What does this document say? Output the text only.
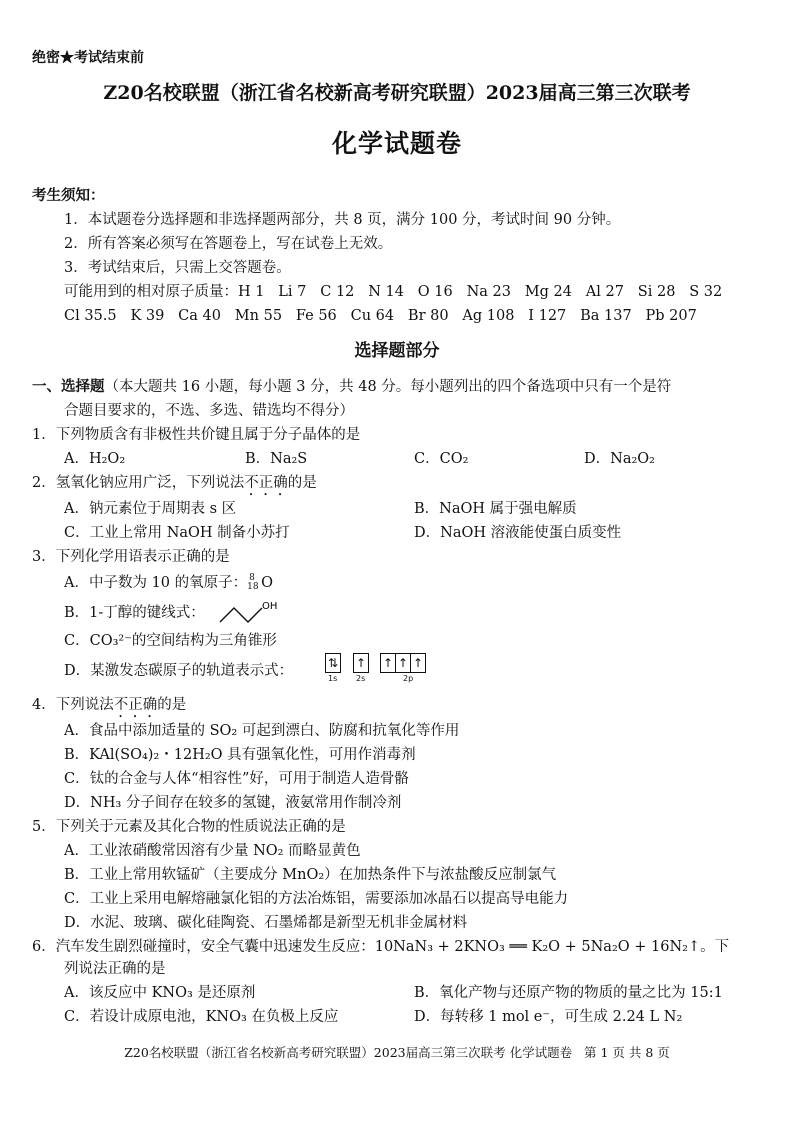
绝密★考试结束前
Z20名校联盟（浙江省名校新高考研究联盟）2023届高三第三次联考
化学试题卷
考生须知：
1．本试题卷分选择题和非选择题两部分，共 8 页，满分 100 分，考试时间 90 分钟。
2．所有答案必须写在答题卷上，写在试卷上无效。
3．考试结束后，只需上交答题卷。
可能用到的相对原子质量：H 1   Li 7   C 12   N 14   O 16   Na 23   Mg 24   Al 27   Si 28   S 32
Cl 35.5   K 39   Ca 40   Mn 55   Fe 56   Cu 64   Br 80   Ag 108   I 127   Ba 137   Pb 207
选择题部分
一、选择题（本大题共 16 小题，每小题 3 分，共 48 分。每小题列出的四个备选项中只有一个是符
合题目要求的，不选、多选、错选均不得分）
1．下列物质含有非极性共价键且属于分子晶体的是
A．H₂O₂	B．Na₂S	C．CO₂	D．Na₂O₂
2．氢氧化钠应用广泛，下列说法不正确的是
A．钠元素位于周期表 s 区	B．NaOH 属于强电解质
C．工业上常用 NaOH 制备小苏打	D．NaOH 溶液能使蛋白质变性
3．下列化学用语表示正确的是
A．中子数为 10 的氧原子： 8
18 O
B．1-丁醇的键线式：	OH
C．CO₃²⁻的空间结构为三角锥形
D．某激发态碳原子的轨道表示式：	⇅
1s
↑
2s
↑ ↑ ↑
2p
4．下列说法不正确的是
A．食品中添加适量的 SO₂ 可起到漂白、防腐和抗氧化等作用
B．KAl(SO₄)₂・12H₂O 具有强氧化性，可用作消毒剂
C．钛的合金与人体“相容性”好，可用于制造人造骨骼
D．NH₃ 分子间存在较多的氢键，液氨常用作制冷剂
5．下列关于元素及其化合物的性质说法正确的是
A．工业浓硝酸常因溶有少量 NO₂ 而略显黄色
B．工业上常用软锰矿（主要成分 MnO₂）在加热条件下与浓盐酸反应制氯气
C．工业上采用电解熔融氯化铝的方法冶炼铝，需要添加冰晶石以提高导电能力
D．水泥、玻璃、碳化硅陶瓷、石墨烯都是新型无机非金属材料
6．汽车发生剧烈碰撞时，安全气囊中迅速发生反应：10NaN₃ + 2KNO₃ ══ K₂O + 5Na₂O + 16N₂↑。下
列说法正确的是
A．该反应中 KNO₃ 是还原剂	B．氧化产物与还原产物的物质的量之比为 15:1
C．若设计成原电池，KNO₃ 在负极上反应	D．每转移 1 mol e⁻，可生成 2.24 L N₂
Z20名校联盟（浙江省名校新高考研究联盟）2023届高三第三次联考 化学试题卷   第 1 页 共 8 页
